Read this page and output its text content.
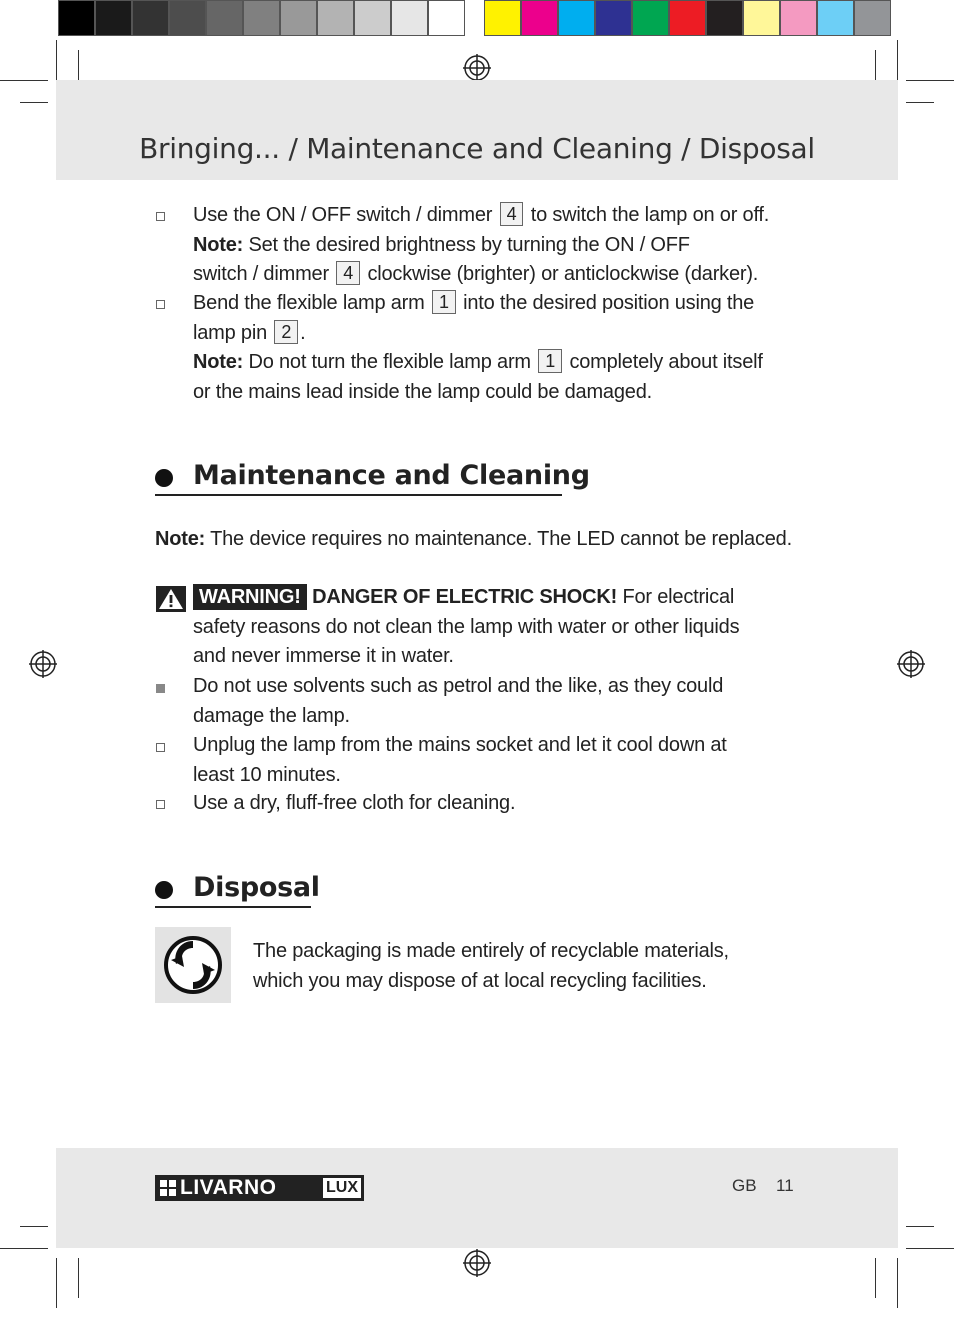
Bringing... / Maintenance and Cleaning / Disposal
Use the ON / OFF switch / dimmer 4 to switch the lamp on or off.
Note: Set the desired brightness by turning the ON / OFF
switch / dimmer 4 clockwise (brighter) or anticlockwise (darker).
Bend the flexible lamp arm 1 into the desired position using the
lamp pin 2 .
Note: Do not turn the flexible lamp arm 1 completely about itself
or the mains lead inside the lamp could be damaged.
Maintenance and Cleaning
Note: The device requires no maintenance. The LED cannot be replaced.
WARNING! DANGER OF ELECTRIC SHOCK! For electrical
safety reasons do not clean the lamp with water or other liquids
and never immerse it in water.
Do not use solvents such as petrol and the like, as they could
damage the lamp.
Unplug the lamp from the mains socket and let it cool down at
least 10 minutes.
Use a dry, fluff-free cloth for cleaning.
Disposal
The packaging is made entirely of recyclable materials,
which you may dispose of at local recycling facilities.
LIVARNO	LUX	GB 11
